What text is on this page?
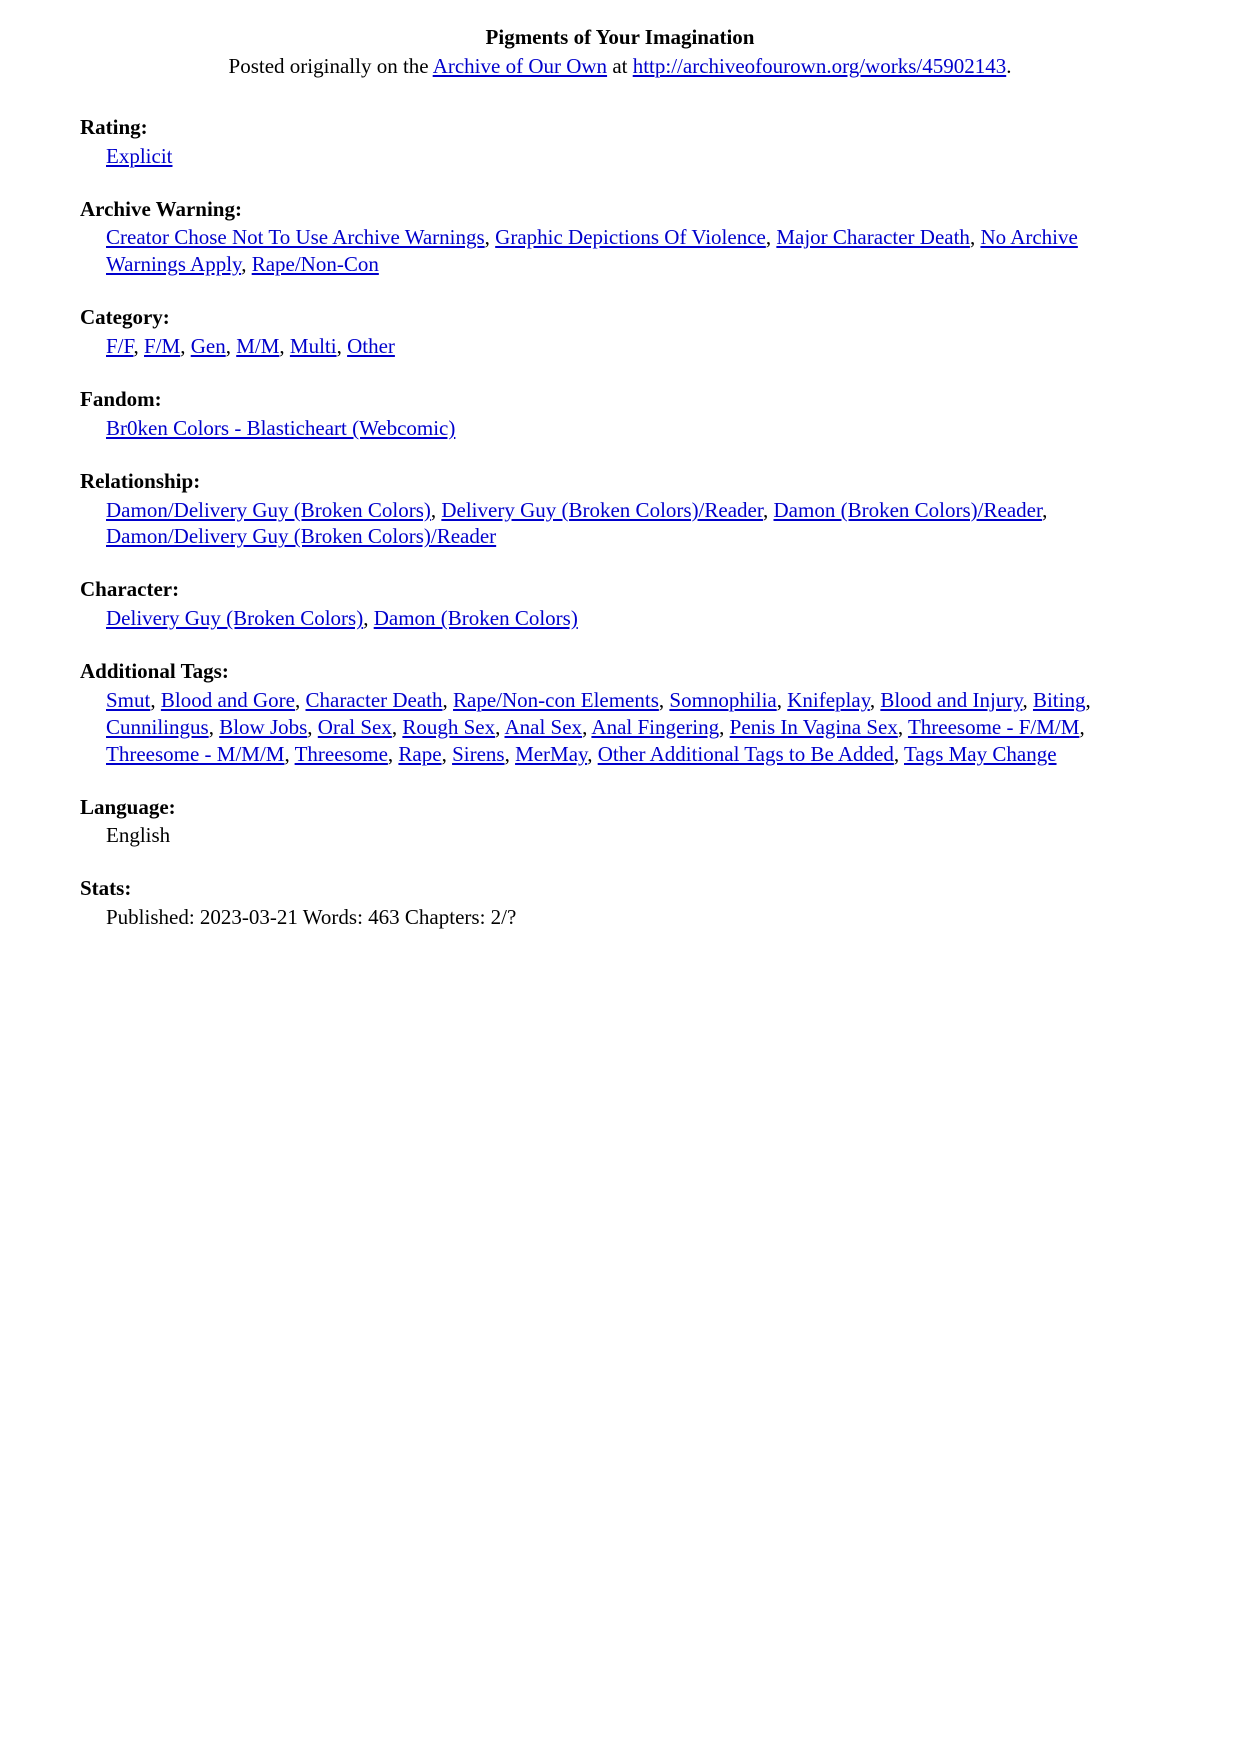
Pigments of Your Imagination
Posted originally on the Archive of Our Own at http://archiveofourown.org/works/45902143.
Rating:
Explicit
Archive Warning:
Creator Chose Not To Use Archive Warnings, Graphic Depictions Of Violence, Major Character Death, No Archive Warnings Apply, Rape/Non-Con
Category:
F/F, F/M, Gen, M/M, Multi, Other
Fandom:
Br0ken Colors - Blasticheart (Webcomic)
Relationship:
Damon/Delivery Guy (Broken Colors), Delivery Guy (Broken Colors)/Reader, Damon (Broken Colors)/Reader, Damon/Delivery Guy (Broken Colors)/Reader
Character:
Delivery Guy (Broken Colors), Damon (Broken Colors)
Additional Tags:
Smut, Blood and Gore, Character Death, Rape/Non-con Elements, Somnophilia, Knifeplay, Blood and Injury, Biting, Cunnilingus, Blow Jobs, Oral Sex, Rough Sex, Anal Sex, Anal Fingering, Penis In Vagina Sex, Threesome - F/M/M, Threesome - M/M/M, Threesome, Rape, Sirens, MerMay, Other Additional Tags to Be Added, Tags May Change
Language:
English
Stats:
Published: 2023-03-21 Words: 463 Chapters: 2/?
